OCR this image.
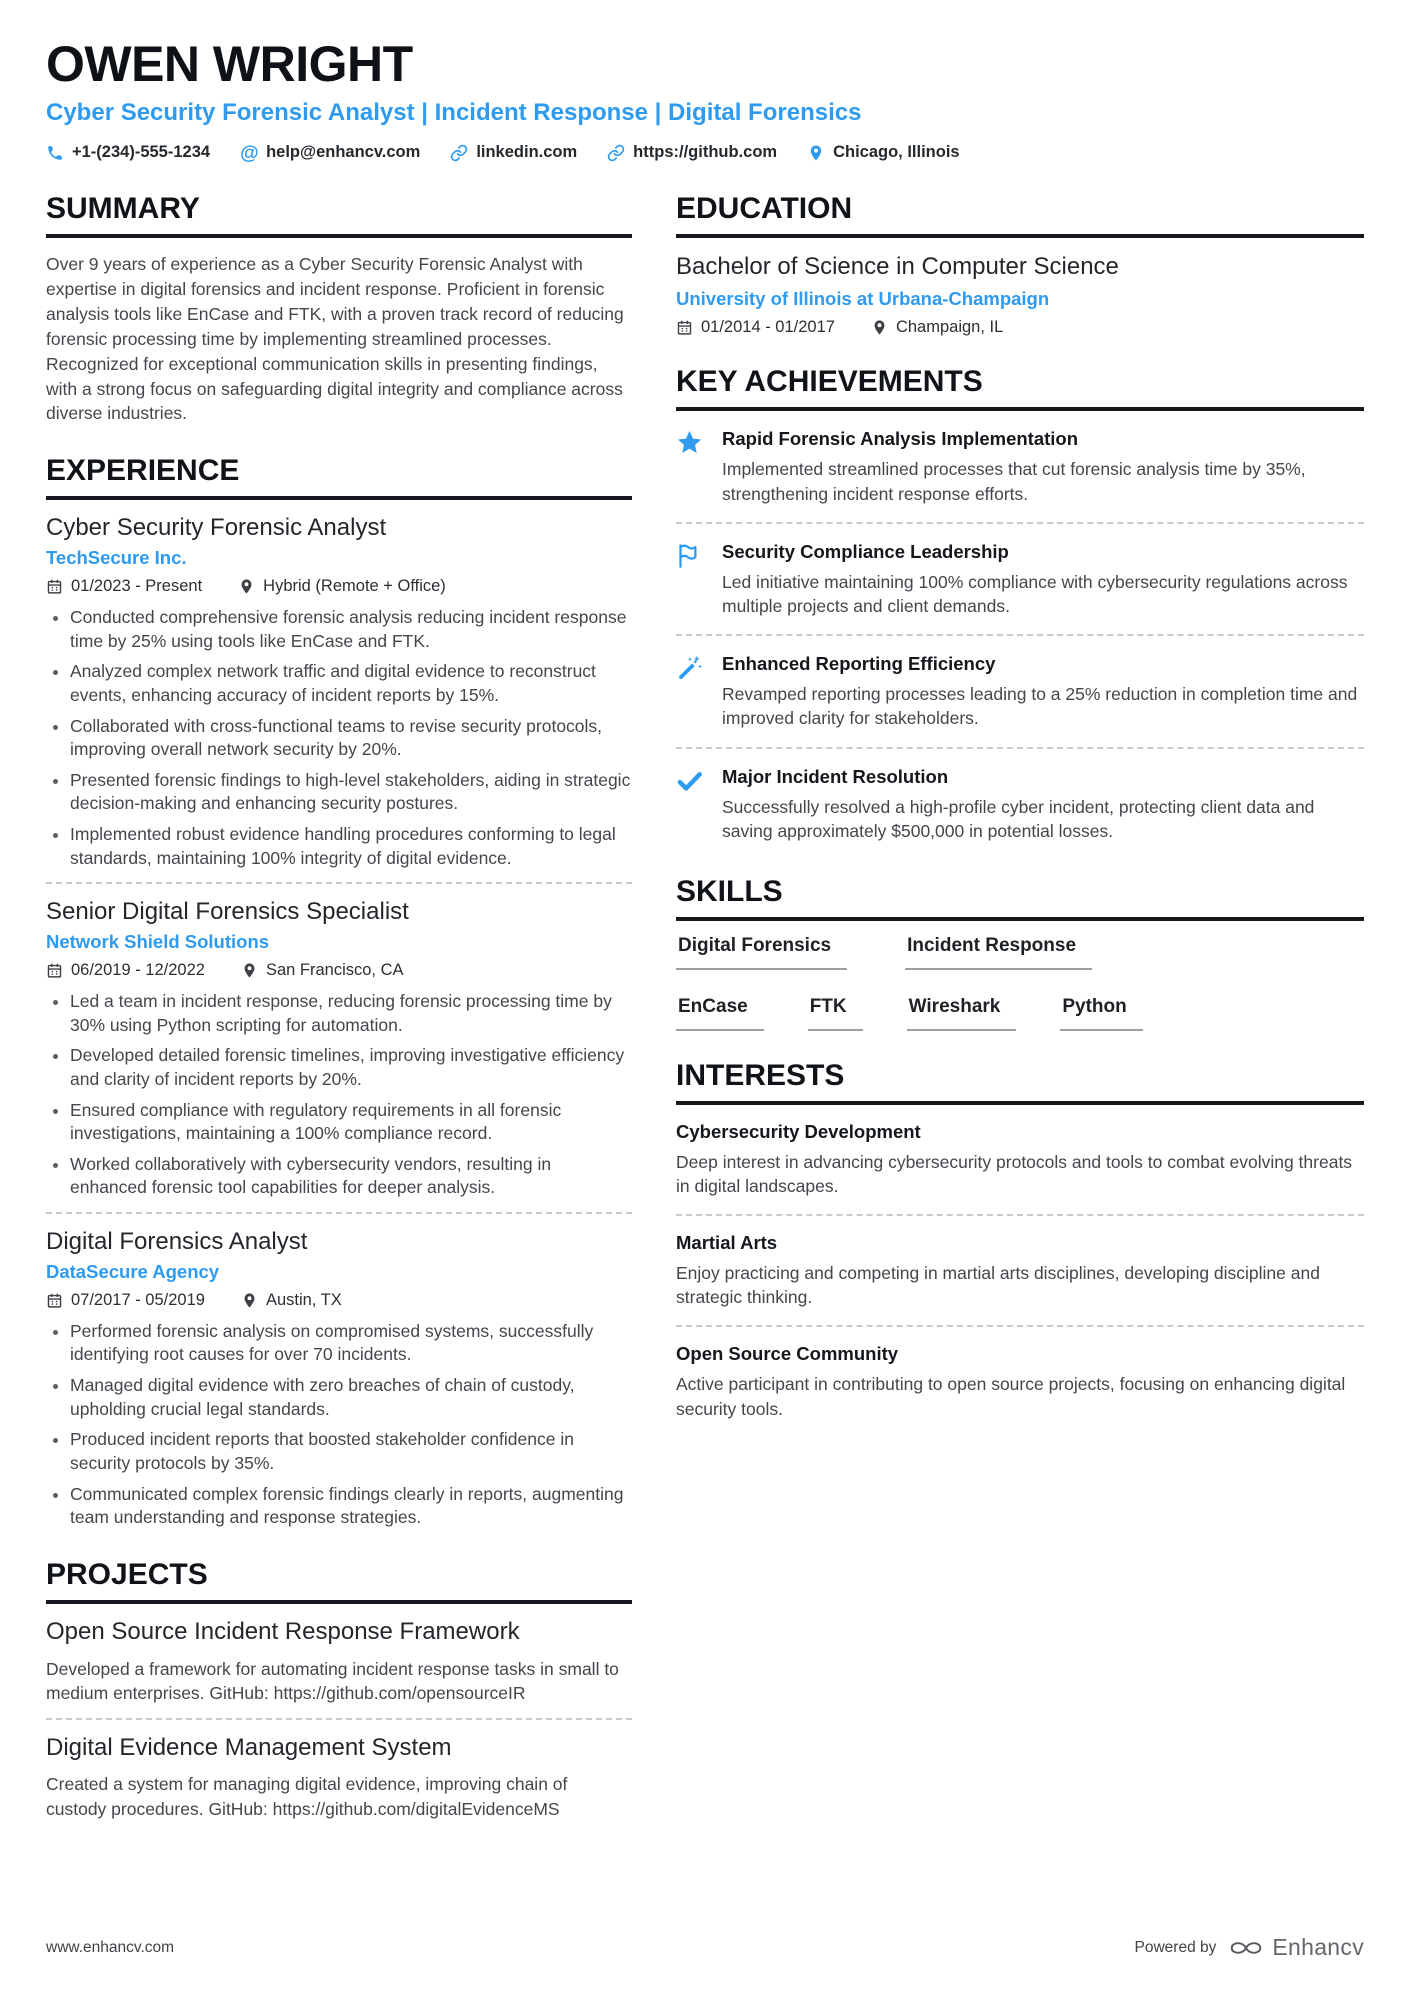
OWEN WRIGHT
Cyber Security Forensic Analyst | Incident Response | Digital Forensics
+1-(234)-555-1234 @ help@enhancv.com	linkedin.com	https://github.com	Chicago, Illinois
SUMMARY

Over 9 years of experience as a Cyber Security Forensic Analyst with expertise in digital forensics and incident response. Proficient in forensic analysis tools like EnCase and FTK, with a proven track record of reducing forensic processing time by implementing streamlined processes. Recognized for exceptional communication skills in presenting findings, with a strong focus on safeguarding digital integrity and compliance across diverse industries.

EXPERIENCE
Cyber Security Forensic Analyst
TechSecure Inc.
01/2023 - Present	Hybrid (Remote + Office)
• Conducted comprehensive forensic analysis reducing incident response time by 25% using tools like EnCase and FTK.
• Analyzed complex network traffic and digital evidence to reconstruct events, enhancing accuracy of incident reports by 15%.
• Collaborated with cross-functional teams to revise security protocols, improving overall network security by 20%.
• Presented forensic findings to high-level stakeholders, aiding in strategic decision-making and enhancing security postures.
• Implemented robust evidence handling procedures conforming to legal standards, maintaining 100% integrity of digital evidence.
Senior Digital Forensics Specialist
Network Shield Solutions
06/2019 - 12/2022	San Francisco, CA
• Led a team in incident response, reducing forensic processing time by 30% using Python scripting for automation.
• Developed detailed forensic timelines, improving investigative efficiency and clarity of incident reports by 20%.
• Ensured compliance with regulatory requirements in all forensic investigations, maintaining a 100% compliance record.
• Worked collaboratively with cybersecurity vendors, resulting in enhanced forensic tool capabilities for deeper analysis.
Digital Forensics Analyst
DataSecure Agency
07/2017 - 05/2019	Austin, TX
• Performed forensic analysis on compromised systems, successfully identifying root causes for over 70 incidents.
• Managed digital evidence with zero breaches of chain of custody, upholding crucial legal standards.
• Produced incident reports that boosted stakeholder confidence in security protocols by 35%.
• Communicated complex forensic findings clearly in reports, augmenting team understanding and response strategies.
PROJECTS
Open Source Incident Response Framework

Developed a framework for automating incident response tasks in small to medium enterprises. GitHub: https://github.com/opensourceIR

Digital Evidence Management System

Created a system for managing digital evidence, improving chain of custody procedures. GitHub: https://github.com/digitalEvidenceMS

EDUCATION
Bachelor of Science in Computer Science
University of Illinois at Urbana-Champaign
01/2014 - 01/2017	Champaign, IL
KEY ACHIEVEMENTS

Rapid Forensic Analysis Implementation

Implemented streamlined processes that cut forensic analysis time by 35%, strengthening incident response efforts.

Security Compliance Leadership

Led initiative maintaining 100% compliance with cybersecurity regulations across multiple projects and client demands.

Enhanced Reporting Efficiency

Revamped reporting processes leading to a 25% reduction in completion time and improved clarity for stakeholders.

Major Incident Resolution

Successfully resolved a high-profile cyber incident, protecting client data and saving approximately $500,000 in potential losses.

SKILLS
Digital Forensics	Incident Response
EnCase	FTK	Wireshark	Python
INTERESTS

Cybersecurity Development

Deep interest in advancing cybersecurity protocols and tools to combat evolving threats in digital landscapes.

Martial Arts

Enjoy practicing and competing in martial arts disciplines, developing discipline and strategic thinking.

Open Source Community

Active participant in contributing to open source projects, focusing on enhancing digital security tools.

www.enhancv.com	Powered by Enhancv
